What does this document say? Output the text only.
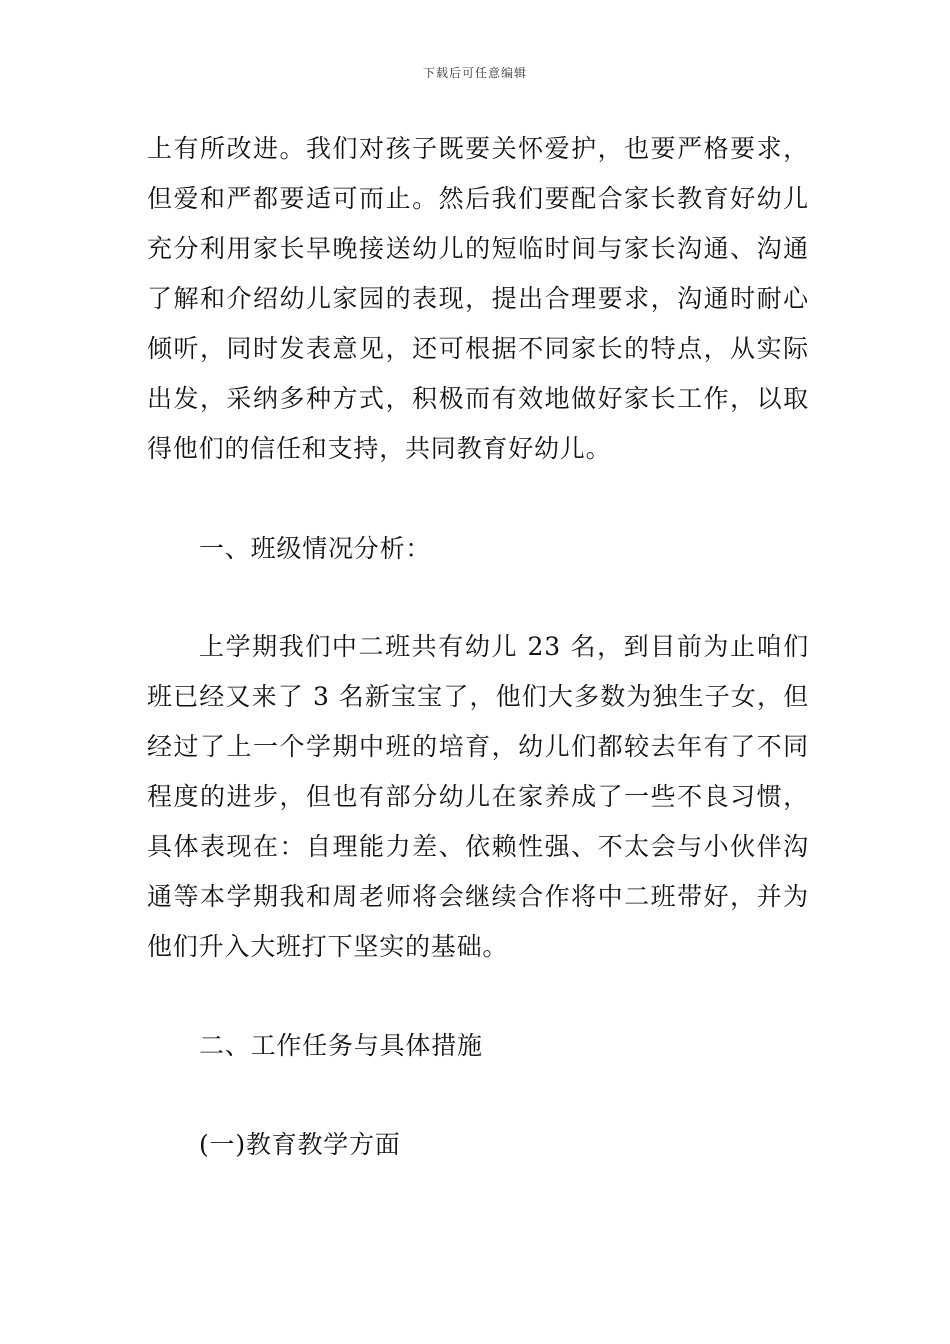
下载后可任意编辑

上有所改进。我们对孩子既要关怀爱护，也要严格要求，但爱和严都要适可而止。然后我们要配合家长教育好幼儿充分利用家长早晚接送幼儿的短临时间与家长沟通、沟通了解和介绍幼儿家园的表现，提出合理要求，沟通时耐心倾听，同时发表意见，还可根据不同家长的特点，从实际出发，采纳多种方式，积极而有效地做好家长工作，以取得他们的信任和支持，共同教育好幼儿。

一、班级情况分析：

上学期我们中二班共有幼儿 23 名，到目前为止咱们班已经又来了 3 名新宝宝了，他们大多数为独生子女，但经过了上一个学期中班的培育，幼儿们都较去年有了不同程度的进步，但也有部分幼儿在家养成了一些不良习惯，具体表现在：自理能力差、依赖性强、不太会与小伙伴沟通等本学期我和周老师将会继续合作将中二班带好，并为他们升入大班打下坚实的基础。

二、工作任务与具体措施

(一)教育教学方面
